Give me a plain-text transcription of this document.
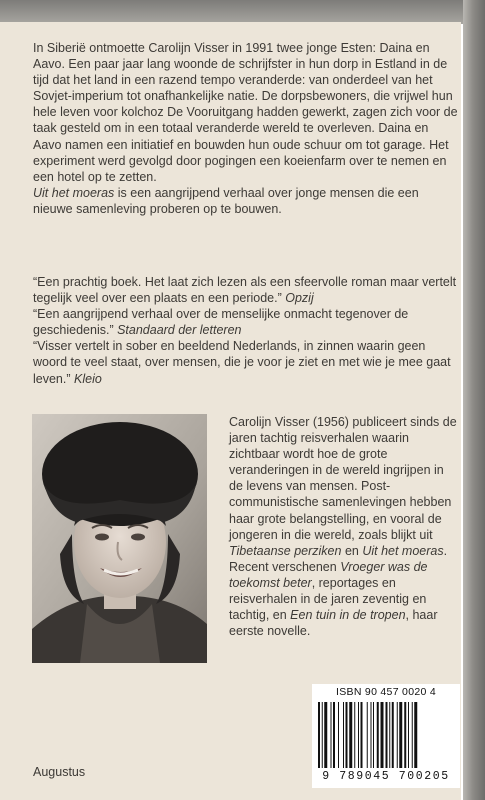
In Siberië ontmoette Carolijn Visser in 1991 twee jonge Esten: Daina en Aavo. Een paar jaar lang woonde de schrijfster in hun dorp in Estland in de tijd dat het land in een razend tempo veranderde: van onderdeel van het Sovjet-imperium tot onafhankelijke natie. De dorpsbewoners, die vrijwel hun hele leven voor kolchoz De Vooruitgang hadden gewerkt, zagen zich voor de taak gesteld om in een totaal veranderde wereld te overleven. Daina en Aavo namen een initiatief en bouwden hun oude schuur om tot garage. Het experiment werd gevolgd door pogingen een koeienfarm over te nemen en een hotel op te zetten.

Uit het moeras is een aangrijpend verhaal over jonge mensen die een nieuwe samenleving proberen op te bouwen.

“Een prachtig boek. Het laat zich lezen als een sfeervolle roman maar vertelt tegelijk veel over een plaats en een periode.” Opzij

“Een aangrijpend verhaal over de menselijke onmacht tegenover de geschiedenis.” Standaard der letteren

“Visser vertelt in sober en beeldend Nederlands, in zinnen waarin geen woord te veel staat, over mensen, die je voor je ziet en met wie je mee gaat leven.” Kleio

Carolijn Visser (1956) publiceert sinds de jaren tachtig reisverhalen waarin zichtbaar wordt hoe de grote veranderingen in de wereld ingrijpen in de levens van mensen. Post-communistische samenlevingen hebben haar grote belangstelling, en vooral de jongeren in die wereld, zoals blijkt uit Tibetaanse perziken en Uit het moeras. Recent verschenen Vroeger was de toekomst beter, reportages en reisverhalen in de jaren zeventig en tachtig, en Een tuin in de tropen, haar eerste novelle.

ISBN 90 457 0020 4
9 789045 700205
Augustus
